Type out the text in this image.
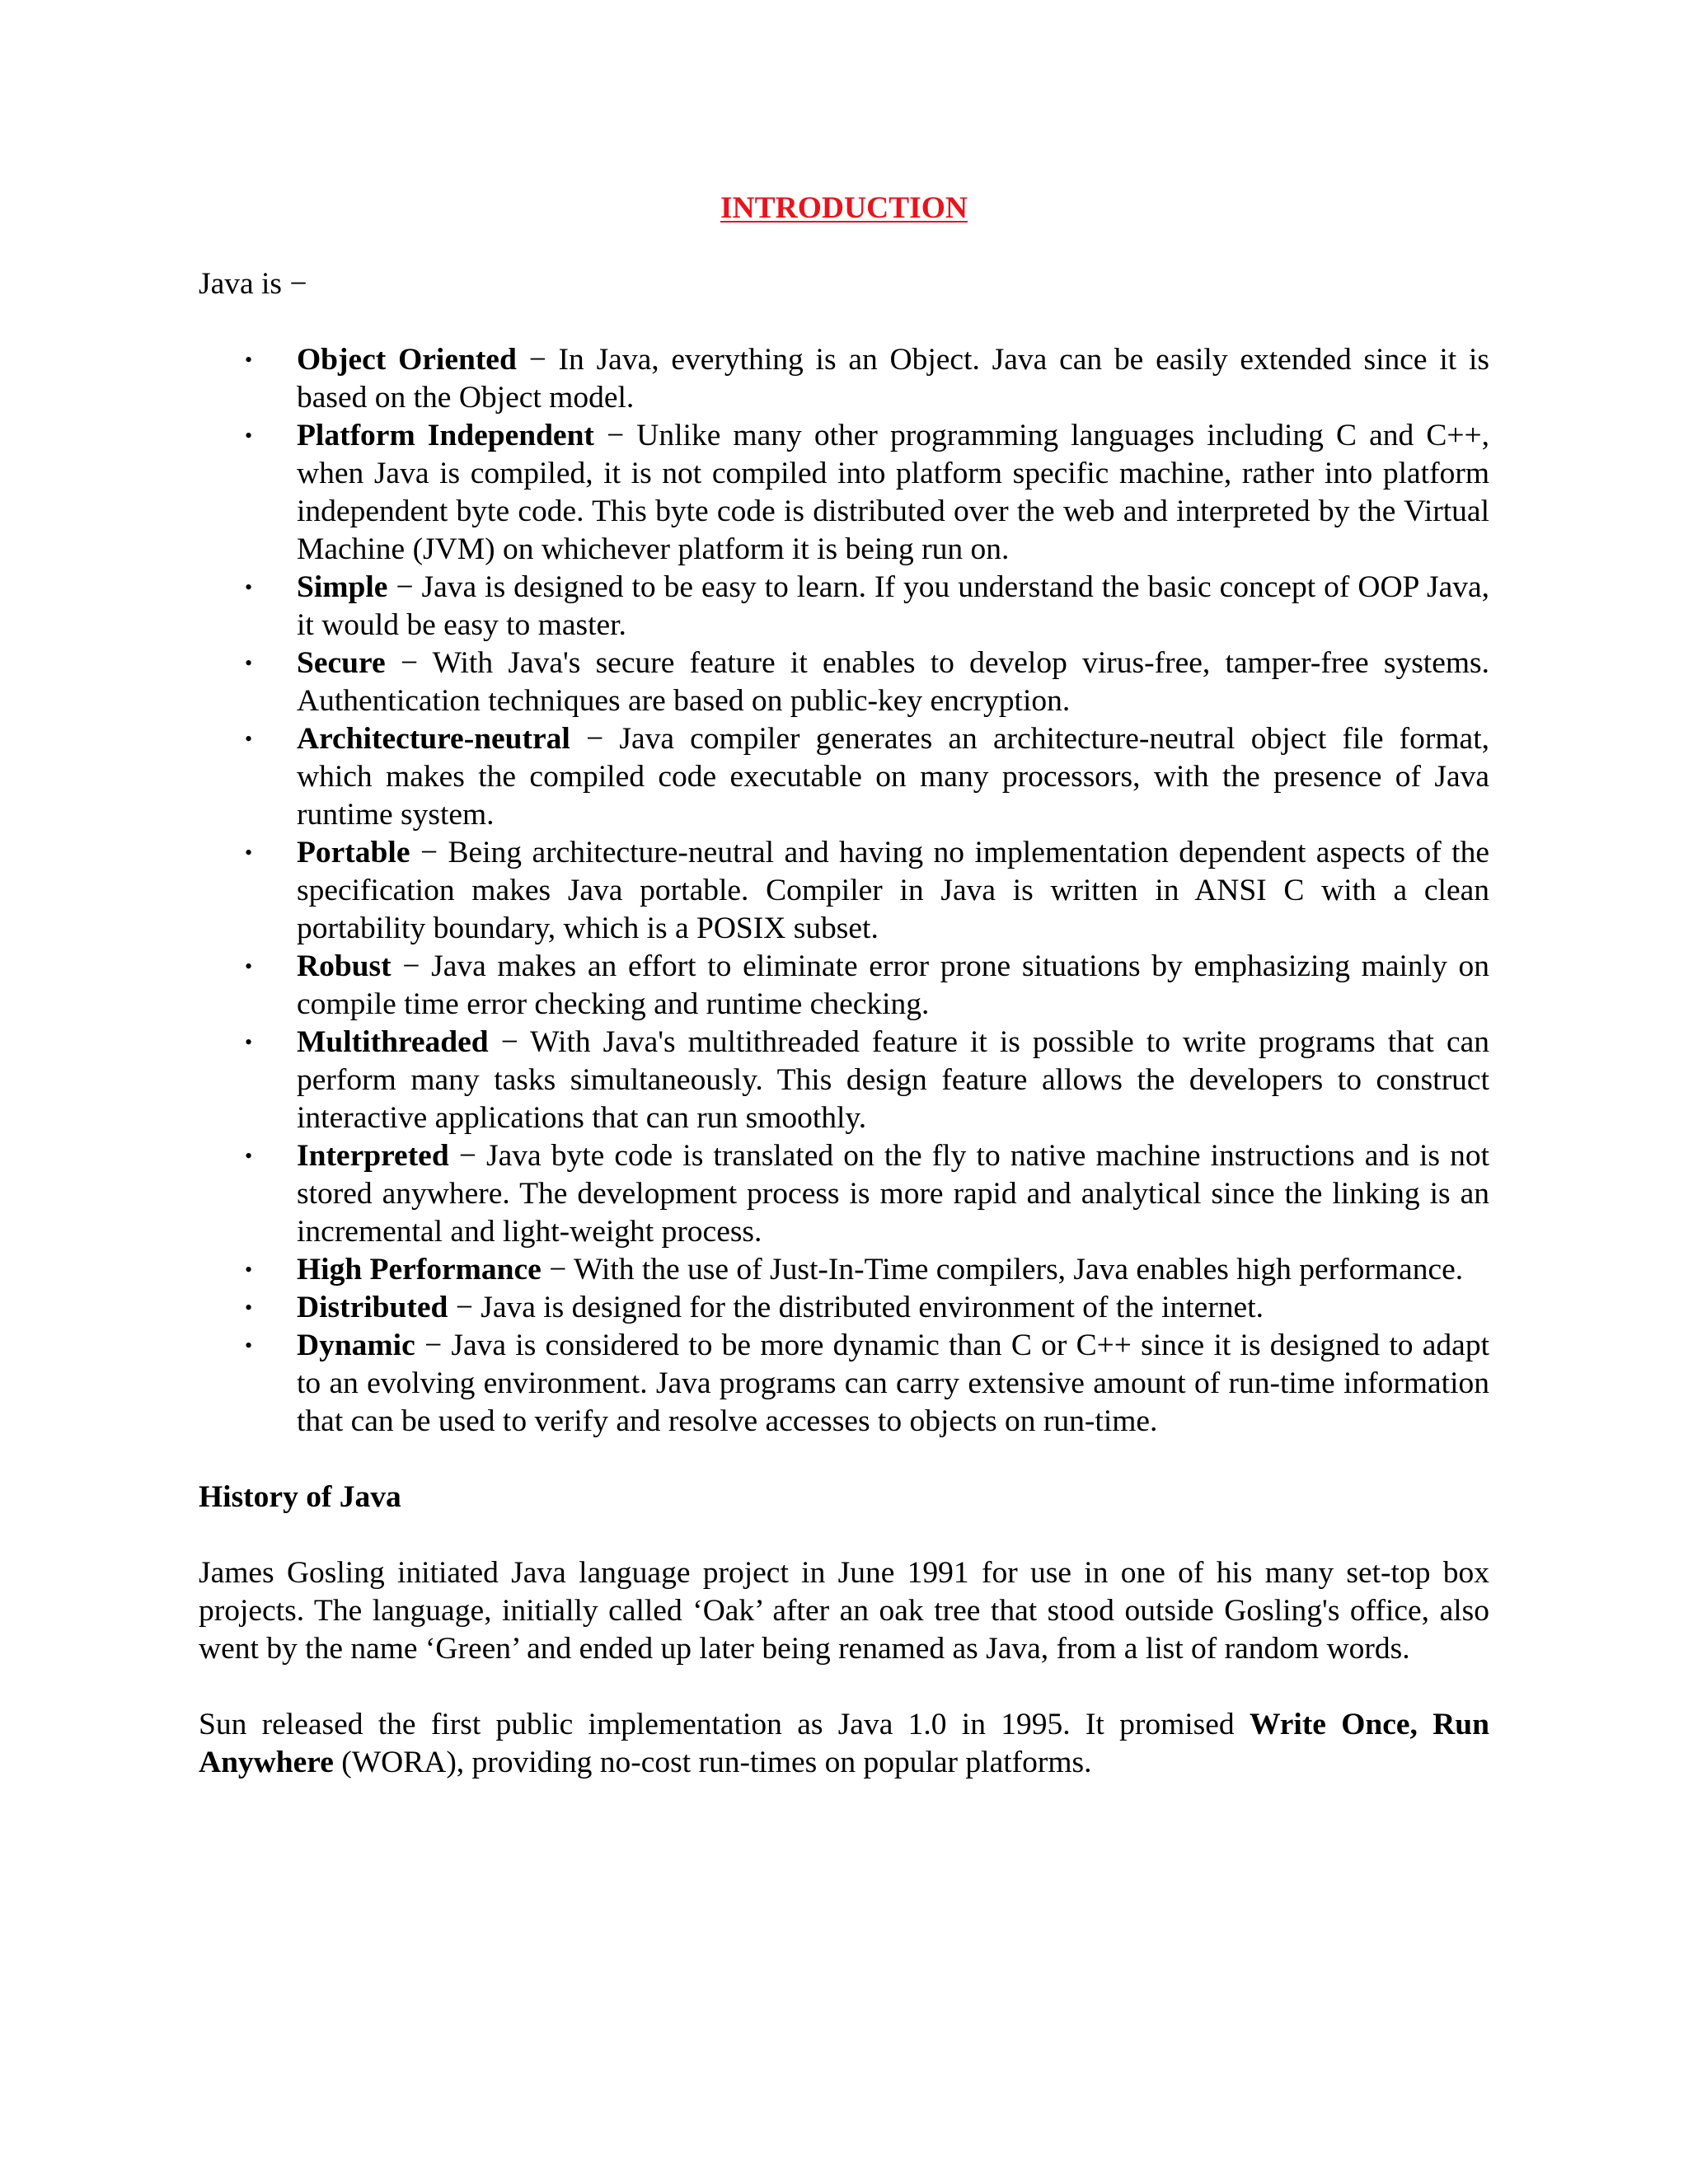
INTRODUCTION
Java is −
• Object Oriented − In Java, everything is an Object. Java can be easily extended since it is based on the Object model.
• Platform Independent − Unlike many other programming languages including C and C++, when Java is compiled, it is not compiled into platform specific machine, rather into platform independent byte code. This byte code is distributed over the web and interpreted by the Virtual Machine (JVM) on whichever platform it is being run on.
• Simple − Java is designed to be easy to learn. If you understand the basic concept of OOP Java, it would be easy to master.
• Secure − With Java's secure feature it enables to develop virus-free, tamper-free systems. Authentication techniques are based on public-key encryption.
• Architecture-neutral − Java compiler generates an architecture-neutral object file format, which makes the compiled code executable on many processors, with the presence of Java runtime system.
• Portable − Being architecture-neutral and having no implementation dependent aspects of the specification makes Java portable. Compiler in Java is written in ANSI C with a clean portability boundary, which is a POSIX subset.
• Robust − Java makes an effort to eliminate error prone situations by emphasizing mainly on compile time error checking and runtime checking.
• Multithreaded − With Java's multithreaded feature it is possible to write programs that can perform many tasks simultaneously. This design feature allows the developers to construct interactive applications that can run smoothly.
• Interpreted − Java byte code is translated on the fly to native machine instructions and is not stored anywhere. The development process is more rapid and analytical since the linking is an incremental and light-weight process.
• High Performance − With the use of Just-In-Time compilers, Java enables high performance.
• Distributed − Java is designed for the distributed environment of the internet.
• Dynamic − Java is considered to be more dynamic than C or C++ since it is designed to adapt to an evolving environment. Java programs can carry extensive amount of run-time information that can be used to verify and resolve accesses to objects on run-time.
History of Java
James Gosling initiated Java language project in June 1991 for use in one of his many set-top box projects. The language, initially called ‘Oak’ after an oak tree that stood outside Gosling's office, also went by the name ‘Green’ and ended up later being renamed as Java, from a list of random words.
Sun released the first public implementation as Java 1.0 in 1995. It promised Write Once, Run Anywhere (WORA), providing no-cost run-times on popular platforms.
